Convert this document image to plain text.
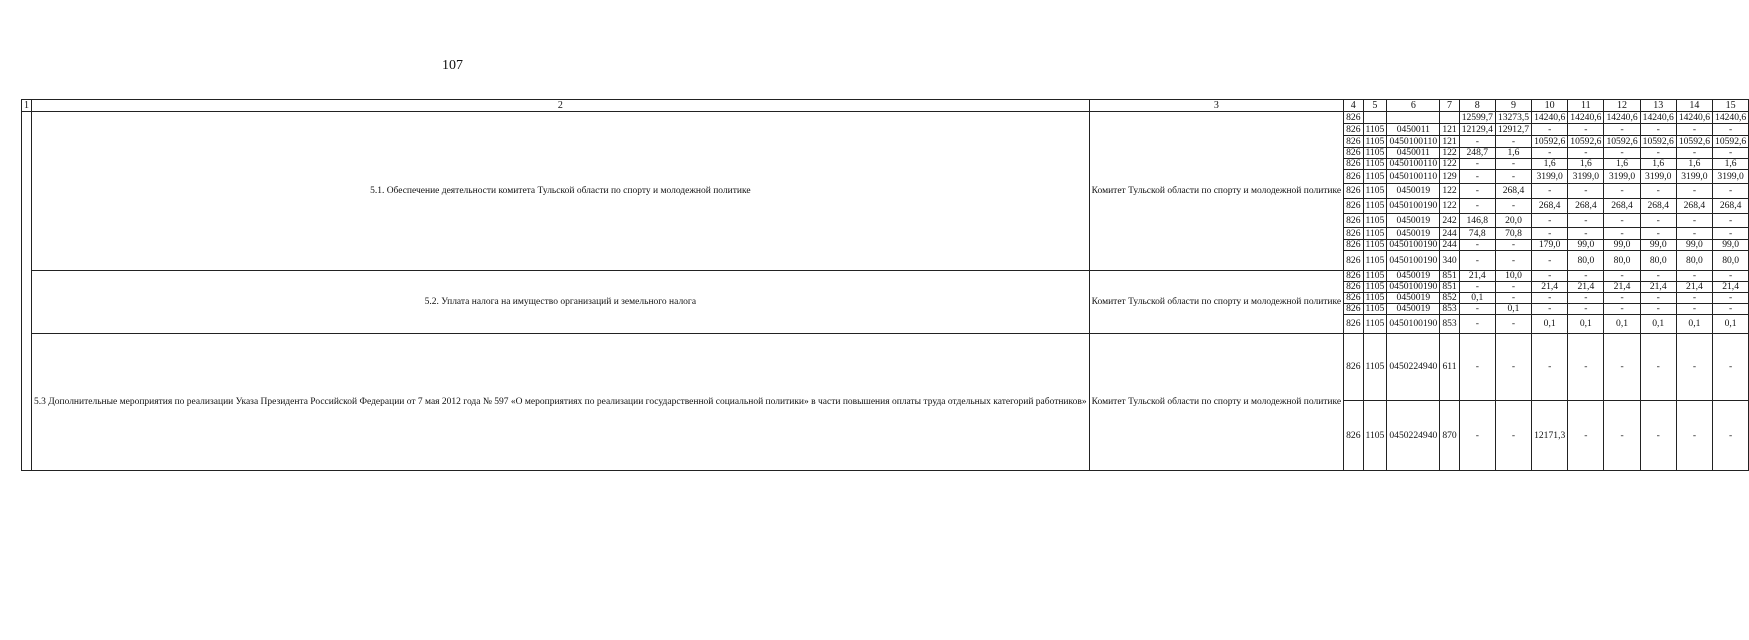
107
1	2	3	4	5	6	7	8	9	10	11	12	13	14	15
	5.1. Обеспечение деятельности комитета Тульской области по спорту и молодежной политике	Комитет Тульской области по спорту и молодежной политике	826				12599,7	13273,5	14240,6	14240,6	14240,6	14240,6	14240,6	14240,6
			826	1105	0450011	121	12129,4	12912,7	-	-	-	-	-	-
			826	1105	0450100110	121	-	-	10592,6	10592,6	10592,6	10592,6	10592,6	10592,6
			826	1105	0450011	122	248,7	1,6	-	-	-	-	-	-
			826	1105	0450100110	122	-	-	1,6	1,6	1,6	1,6	1,6	1,6
			826	1105	0450100110	129	-	-	3199,0	3199,0	3199,0	3199,0	3199,0	3199,0
			826	1105	0450019	122	-	268,4	-	-	-	-	-	-
			826	1105	0450100190	122	-	-	268,4	268,4	268,4	268,4	268,4	268,4
			826	1105	0450019	242	146,8	20,0	-	-	-	-	-	-
			826	1105	0450019	244	74,8	70,8	-	-	-	-	-	-
			826	1105	0450100190	244	-	-	179,0	99,0	99,0	99,0	99,0	99,0
			826	1105	0450100190	340	-	-	-	80,0	80,0	80,0	80,0	80,0
	5.2. Уплата налога на имущество организаций и земельного налога	Комитет Тульской области по спорту и молодежной политике	826	1105	0450019	851	21,4	10,0	-	-	-	-	-	-
			826	1105	0450100190	851	-	-	21,4	21,4	21,4	21,4	21,4	21,4
			826	1105	0450019	852	0,1	-	-	-	-	-	-	-
			826	1105	0450019	853	-	0,1	-	-	-	-	-	-
			826	1105	0450100190	853	-	-	0,1	0,1	0,1	0,1	0,1	0,1
	5.3 Дополнительные мероприятия по реализации Указа Президента Российской Федерации от 7 мая 2012 года № 597 «О мероприятиях по реализации государственной социальной политики» в части повышения оплаты труда отдельных категорий работников»	Комитет Тульской области по спорту и молодежной политике	826	1105	0450224940	611	-	-	-	-	-	-	-	-
			826	1105	0450224940	870	-	-	12171,3	-	-	-	-	-
